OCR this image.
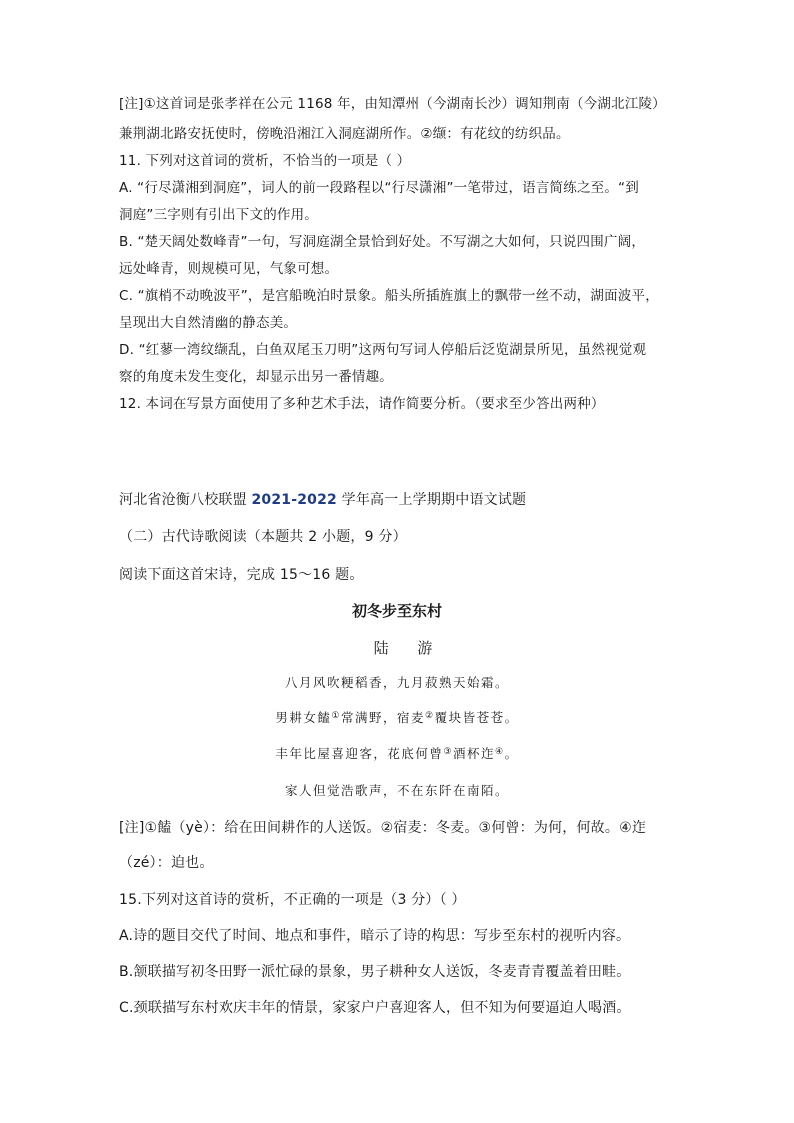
[注]①这首词是张孝祥在公元 1168 年，由知潭州（今湖南长沙）调知荆南（今湖北江陵）
兼荆湖北路安抚使时，傍晚沿湘江入洞庭湖所作。②缬：有花纹的纺织品。
11. 下列对这首词的赏析，不恰当的一项是（ ）
A. “行尽潇湘到洞庭”，词人的前一段路程以“行尽潇湘”一笔带过，语言简练之至。“到
洞庭”三字则有引出下文的作用。
B. “楚天阔处数峰青”一句，写洞庭湖全景恰到好处。不写湖之大如何，只说四围广阔，
远处峰青，则规模可见，气象可想。
C. “旗梢不动晚波平”，是宫船晚泊时景象。船头所插旌旗上的飘带一丝不动，湖面波平，
呈现出大自然清幽的静态美。
D. “红蓼一湾纹缬乱，白鱼双尾玉刀明”这两句写词人停船后泛览湖景所见，虽然视觉观
察的角度未发生变化，却显示出另一番情趣。
12. 本词在写景方面使用了多种艺术手法，请作简要分析。（要求至少答出两种）
河北省沧衡八校联盟 2021-2022 学年高一上学期期中语文试题
（二）古代诗歌阅读（本题共 2 小题，9 分）
阅读下面这首宋诗，完成 15～16 题。
初冬步至东村
陆 游
八月风吹粳稻香，九月菽熟天始霜。
男耕女饁①常满野，宿麦②覆块皆苍苍。
丰年比屋喜迎客，花底何曾③酒杯迮④。
家人但觉浩歌声，不在东阡在南陌。
[注]①饁（yè）：给在田间耕作的人送饭。②宿麦：冬麦。③何曾：为何，何故。④迮
（zé）：迫也。
15.下列对这首诗的赏析，不正确的一项是（3 分）（ ）
A.诗的题目交代了时间、地点和事件，暗示了诗的构思：写步至东村的视听内容。
B.颔联描写初冬田野一派忙碌的景象，男子耕种女人送饭，冬麦青青覆盖着田畦。
C.颈联描写东村欢庆丰年的情景，家家户户喜迎客人，但不知为何要逼迫人喝酒。
